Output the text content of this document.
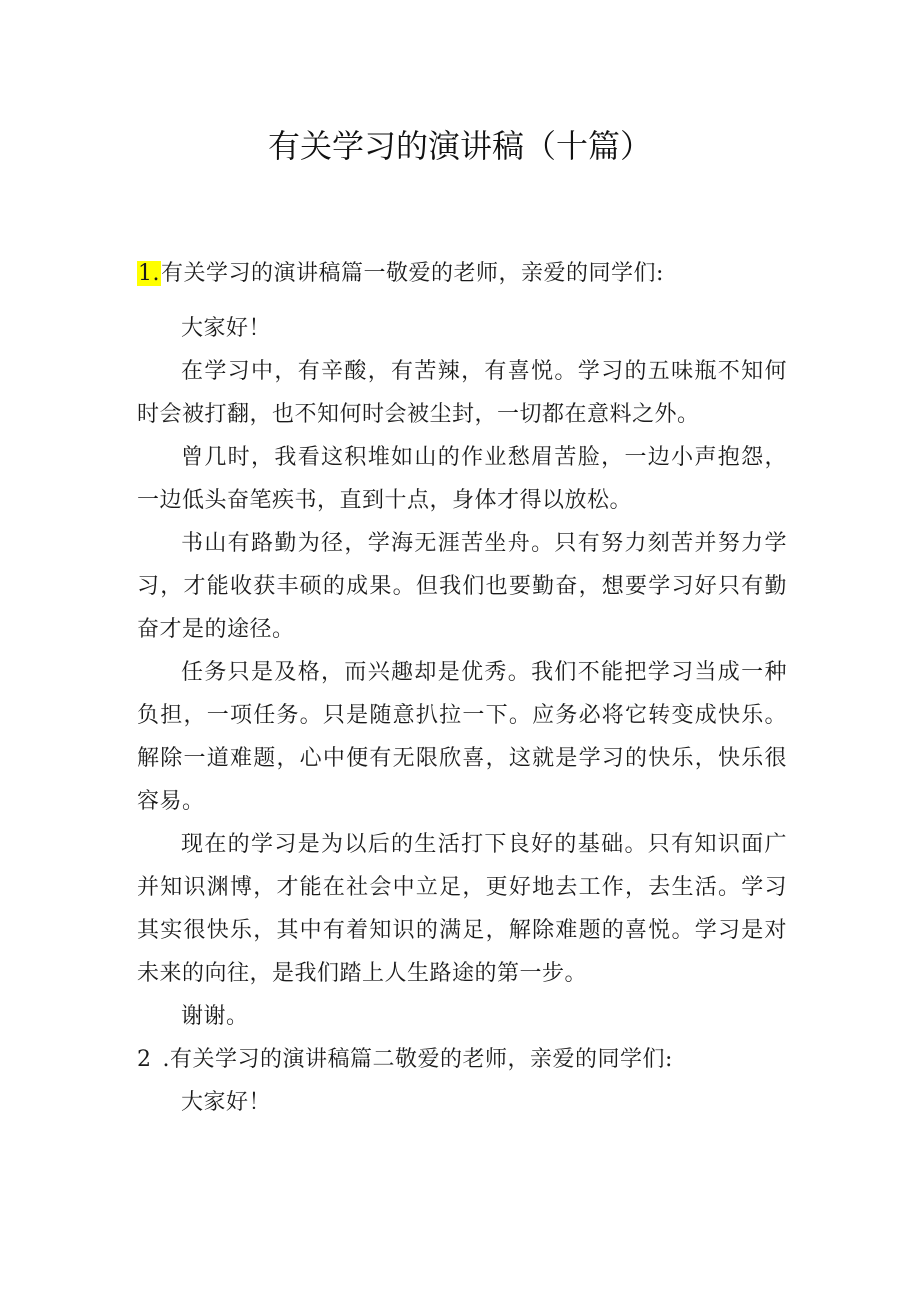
有关学习的演讲稿（十篇）

1.有关学习的演讲稿篇一敬爱的老师，亲爱的同学们:

大家好！

在学习中，有辛酸，有苦辣，有喜悦。学习的五味瓶不知何时会被打翻，也不知何时会被尘封，一切都在意料之外。

曾几时，我看这积堆如山的作业愁眉苦脸，一边小声抱怨，一边低头奋笔疾书，直到十点，身体才得以放松。

书山有路勤为径，学海无涯苦坐舟。只有努力刻苦并努力学习，才能收获丰硕的成果。但我们也要勤奋，想要学习好只有勤奋才是的途径。

任务只是及格，而兴趣却是优秀。我们不能把学习当成一种负担，一项任务。只是随意扒拉一下。应务必将它转变成快乐。解除一道难题，心中便有无限欣喜，这就是学习的快乐，快乐很容易。

现在的学习是为以后的生活打下良好的基础。只有知识面广并知识渊博，才能在社会中立足，更好地去工作，去生活。学习其实很快乐，其中有着知识的满足，解除难题的喜悦。学习是对未来的向往，是我们踏上人生路途的第一步。

谢谢。

2 .有关学习的演讲稿篇二敬爱的老师，亲爱的同学们:

大家好！
